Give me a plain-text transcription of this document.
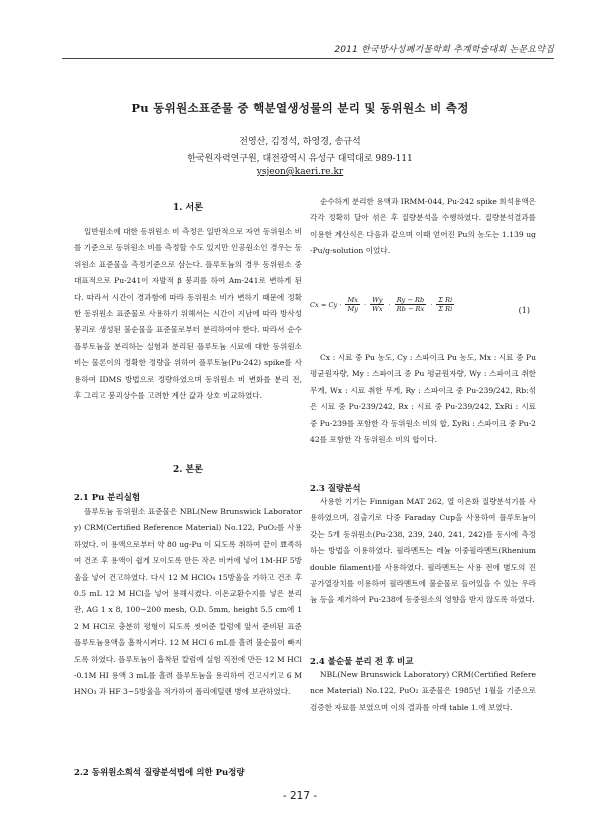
2011 한국방사성폐기물학회 추계학술대회 논문요약집
Pu 동위원소표준물 중 핵분열생성물의 분리 및 동위원소 비 측정
전영산, 김정석, 하영경, 송규석
한국원자력연구원, 대전광역시 유성구 대덕대로 989-111
ysjeon@kaeri.re.kr
1. 서론

일반원소에 대한 동위원소 비 측정은 일반적으로 자연 동위원소 비를 기준으로 동위원소 비를 측정할 수도 있지만 인공원소인 경우는 동위원소 표준물을 측정기준으로 삼는다. 플루토늄의 경우 동위원소 중 대표적으로 Pu-241이 자발적 β 붕괴를 하여 Am-241로 변하게 된다. 따라서 시간이 경과함에 따라 동위원소 비가 변하기 때문에 정확한 동위원소 표준물로 사용하기 위해서는 시간이 지남에 따라 방사성붕괴로 생성된 불순물을 표준물로부터 분리하여야 한다. 따라서 순수 플루토늄을 분리하는 실험과 분리된 플루토늄 시료에 대한 동위원소 비는 물론이의 정확한 정량을 위하여 플루토늄(Pu-242) spike를 사용하여 IDMS 방법으로 정량하였으며 동위원소 비 변화를 분리 전, 후 그리고 붕괴상수를 고려한 계산 값과 상호 비교하였다.

2. 본론
2.1 Pu 분리실험

플루토늄 동위원소 표준물은 NBL(New Brunswick Laboratory) CRM(Certified Reference Material) No.122, PuO₂를 사용하였다. 이 용액으로부터 약 80 ug-Pu 이 되도록 취하여 끝이 뾰족하여 건조 후 용액이 쉽게 모이도록 만든 작은 비커에 넣어 1M-HF 5방울을 넣어 건고하였다. 다시 12 M HClO₄ 15방울을 가하고 건조 후 0.5 mL 12 M HCl을 넣어 용해시켰다. 이온교환수지를 넣은 분리관, AG 1 x 8, 100~200 mesh, O.D. 5mm, height 5.5 cm에 12 M HCl로 충분히 평형이 되도록 씻어준 칼럼에 앞서 준비된 표준 플루토늄용액을 흡착시켜다. 12 M HCl 6 mL를 흘려 불순물이 빠지도록 하였다. 플루토늄이 흡착된 칼럼에 실험 직전에 만든 12 M HCl-0.1M HI 용액 3 mL를 흘려 플루토늄을 용리하여 건고시키고 6 M HNO₃ 과 HF 3~5방울을 적가하여 폴리에틸렌 병에 보관하였다.

2.2 동위원소희석 질량분석법에 의한 Pu정량

순수하게 분리한 용액과 IRMM-044, Pu-242 spike 희석용액은 각각 정확히 달아 섞은 후 질량분석을 수행하였다. 질량분석결과를 이용한 계산식은 다음과 같으며 이때 얻어진 Pu의 농도는 1.139 ug-Pu/g-solution 이었다.

$Cx = Cy \cdot \frac{Mx}{My} \cdot \frac{Wy}{Wx} \cdot \frac{Ry - Rb}{Rb - Rx} \cdot \frac{\text{Σ Ri}}{\text{Σ Ri}}$	(1)

Cx : 시료 중 Pu 농도, Cy : 스파이크 Pu 농도, Mx : 시료 중 Pu 평균원자량, My : 스파이크 중 Pu 평균원자량, Wy : 스파이크 취한 무게, Wx : 시료 취한 무게, Ry : 스파이크 중 Pu-239/242, Rb:섞은 시료 중 Pu-239/242, Rx : 시료 중 Pu-239/242, ΣxRi : 시료 중 Pu-239를 포함한 각 동위원소 비의 합, ΣyRi : 스파이크 중 Pu-242를 포함한 각 동위원소 비의 합이다.

2.3 질량분석

사용한 기기는 Finnigan MAT 262, 열 이온화 질량분석기를 사용하였으며, 검출기로 다중 Faraday Cup을 사용하여 플루토늄이 갖는 5개 동위원소(Pu-238, 239, 240, 241, 242)를 동시에 측정하는 방법을 이용하였다. 필라멘트는 레늄 이중필라멘트(Rhenium double filament)를 사용하였다. 필라멘트는 사용 전에 별도의 진공가열장치를 이용하여 필라멘트에 불순물로 들어있을 수 있는 우라늄 등을 제거하여 Pu-238에 동중원소의 영향을 받지 않도록 하였다.

2.4 불순물 분리 전 후 비교

NBL(New Brunswick Laboratory) CRM(Certified Reference Material) No.122, PuO₂ 표준물은 1985년 1월을 기준으로 검증한 자료를 보였으며 이의 결과를 아래 table 1.에 보였다.

- 217 -
